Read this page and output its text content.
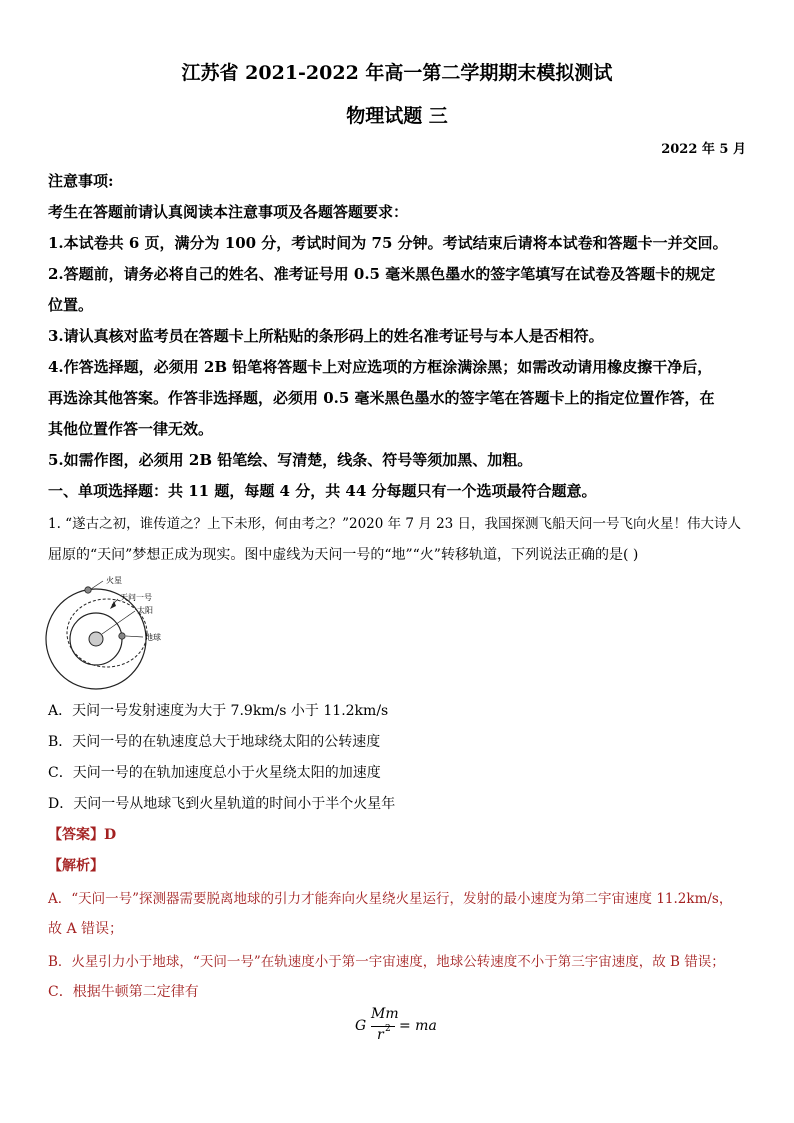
江苏省 2021-2022 年高一第二学期期末模拟测试
物理试题 三
2022 年 5 月
注意事项:
考生在答题前请认真阅读本注意事项及各题答题要求：
1.本试卷共 6 页，满分为 100 分，考试时间为 75 分钟。考试结束后请将本试卷和答题卡一并交回。
2.答题前，请务必将自己的姓名、准考证号用 0.5 毫米黑色墨水的签字笔填写在试卷及答题卡的规定
位置。
3.请认真核对监考员在答题卡上所粘贴的条形码上的姓名准考证号与本人是否相符。
4.作答选择题，必须用 2B 铅笔将答题卡上对应选项的方框涂满涂黑；如需改动请用橡皮擦干净后，
再选涂其他答案。作答非选择题，必须用 0.5 毫米黑色墨水的签字笔在答题卡上的指定位置作答，在
其他位置作答一律无效。
5.如需作图，必须用 2B 铅笔绘、写清楚，线条、符号等须加黑、加粗。
一、单项选择题：共 11 题，每题 4 分，共 44 分每题只有一个选项最符合题意。
1. “遂古之初，谁传道之？上下未形，何由考之？”2020 年 7 月 23 日，我国探测飞船天问一号飞向火星！伟大诗人
屈原的“天问”梦想正成为现实。图中虚线为天问一号的“地”“火”转移轨道，下列说法正确的是( )
火星
天问一号
太阳
地球
A．天问一号发射速度为大于 7.9km/s 小于 11.2km/s
B．天问一号的在轨速度总大于地球绕太阳的公转速度
C．天问一号的在轨加速度总小于火星绕太阳的加速度
D．天问一号从地球飞到火星轨道的时间小于半个火星年
【答案】D
【解析】
A．“天问一号”探测器需要脱离地球的引力才能奔向火星绕火星运行，发射的最小速度为第二宇宙速度 11.2km/s，
故 A 错误；
B．火星引力小于地球，“天问一号”在轨速度小于第一宇宙速度，地球公转速度不小于第三宇宙速度，故 B 错误；
C．根据牛顿第二定律有
G
Mm
r 2 = ma
